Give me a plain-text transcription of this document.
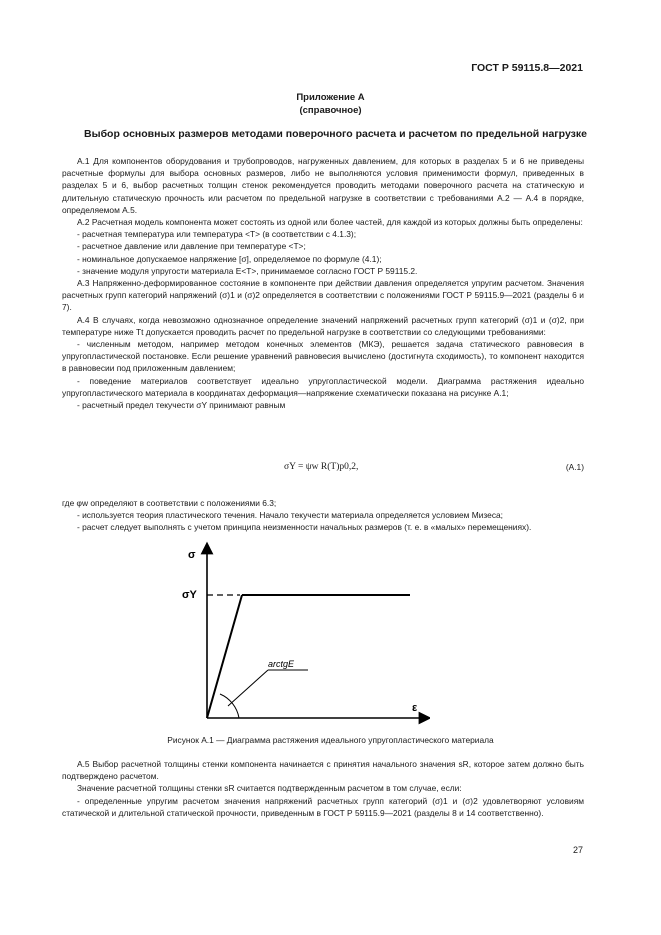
ГОСТ Р 59115.8—2021
Приложение А
(справочное)
Выбор основных размеров методами поверочного расчета и расчетом по предельной нагрузке

А.1 Для компонентов оборудования и трубопроводов, нагруженных давлением, для которых в разделах 5 и 6 не приведены расчетные формулы для выбора основных размеров, либо не выполняются условия применимости формул, приведенных в разделах 5 и 6, выбор расчетных толщин стенок рекомендуется проводить методами поверочного расчета на статическую и длительную статическую прочность или расчетом по предельной нагрузке в соответствии с требованиями А.2 — А.4 в порядке, определяемом А.5.

А.2 Расчетная модель компонента может состоять из одной или более частей, для каждой из которых должны быть определены:

- расчетная температура или температура <T> (в соответствии с 4.1.3);

- расчетное давление или давление при температуре <T>;

- номинальное допускаемое напряжение [σ], определяемое по формуле (4.1);

- значение модуля упругости материала E<T>, принимаемое согласно ГОСТ Р 59115.2.

А.3 Напряженно-деформированное состояние в компоненте при действии давления определяется упругим расчетом. Значения расчетных групп категорий напряжений (σ)1 и (σ)2 определяется в соответствии с положениями ГОСТ Р 59115.9—2021 (разделы 6 и 7).

А.4 В случаях, когда невозможно однозначное определение значений напряжений расчетных групп категорий (σ)1 и (σ)2, при температуре ниже Tt допускается проводить расчет по предельной нагрузке в соответствии со следующими требованиями:

- численным методом, например методом конечных элементов (МКЭ), решается задача статического равновесия в упругопластической постановке. Если решение уравнений равновесия вычислено (достигнута сходимость), то компонент находится в равновесии под приложенным давлением;

- поведение материалов соответствует идеально упругопластической модели. Диаграмма растяжения идеально упругопластического материала в координатах деформация—напряжение схематически показана на рисунке А.1;

- расчетный предел текучести σY принимают равным

σY = ψw R(T)p0,2,	(А.1)

где φw определяют в соответствии с положениями 6.3;

- используется теория пластического течения. Начало текучести материала определяется условием Мизеса;

- расчет следует выполнять с учетом принципа неизменности начальных размеров (т. е. в «малых» перемещениях).

σ
σY
arctgE
ε
Рисунок А.1 — Диаграмма растяжения идеального упругопластического материала

А.5 Выбор расчетной толщины стенки компонента начинается с принятия начального значения sR, которое затем должно быть подтверждено расчетом.

Значение расчетной толщины стенки sR считается подтвержденным расчетом в том случае, если:

- определенные упругим расчетом значения напряжений расчетных групп категорий (σ)1 и (σ)2 удовлетворяют условиям статической и длительной статической прочности, приведенным в ГОСТ Р 59115.9—2021 (разделы 8 и 14 соответственно).

27
